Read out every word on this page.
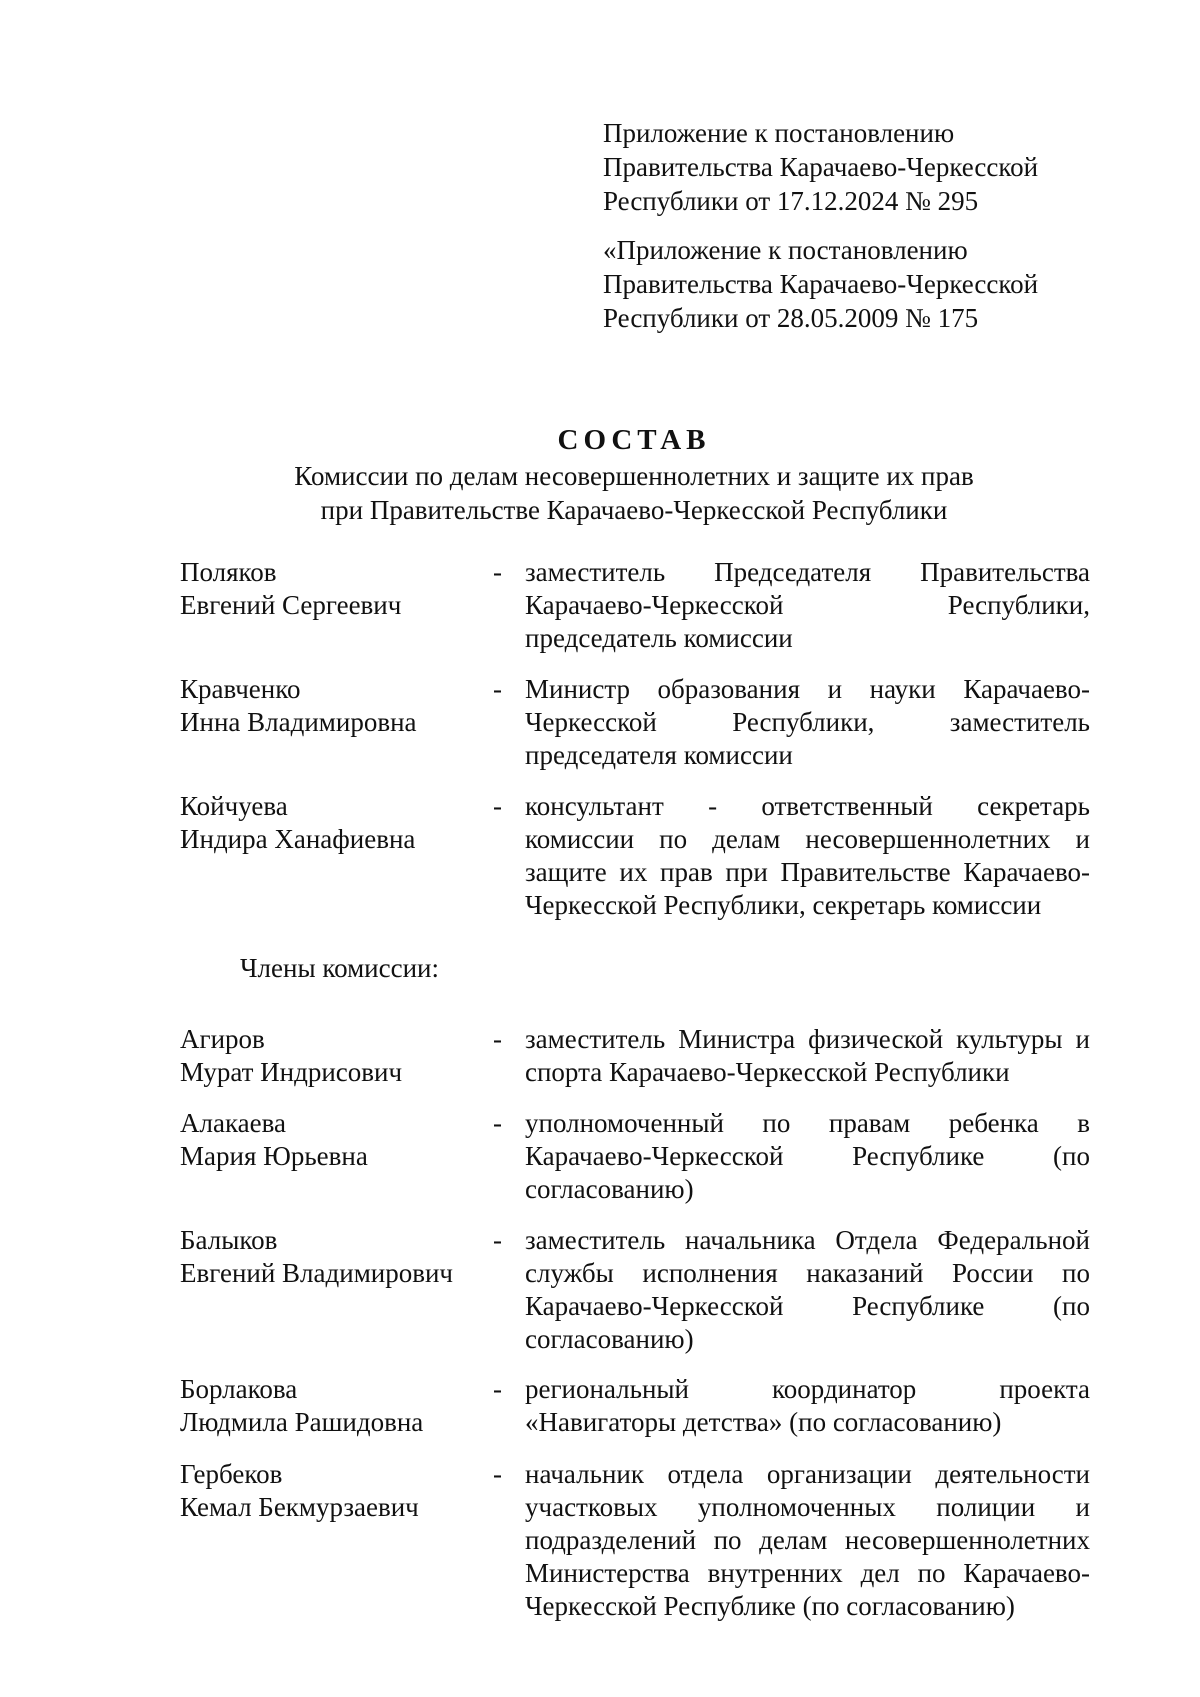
Приложение к постановлению
Правительства Карачаево-Черкесской
Республики от 17.12.2024 № 295
«Приложение к постановлению
Правительства Карачаево-Черкесской
Республики от 28.05.2009 № 175
СОСТАВ
Комиссии по делам несовершеннолетних и защите их прав
при Правительстве Карачаево-Черкесской Республики
Поляков
Евгений Сергеевич
- заместитель Председателя Правительства Карачаево-Черкесской Республики, председатель комиссии
Кравченко
Инна Владимировна
- Министр образования и науки Карачаево-Черкесской Республики, заместитель председателя комиссии
Койчуева
Индира Ханафиевна
- консультант - ответственный секретарь комиссии по делам несовершеннолетних и защите их прав при Правительстве Карачаево-Черкесской Республики, секретарь комиссии
Члены комиссии:
Агиров
Мурат Индрисович
- заместитель Министра физической культуры и спорта Карачаево-Черкесской Республики
Алакаева
Мария Юрьевна
- уполномоченный по правам ребенка в Карачаево-Черкесской Республике (по согласованию)
Балыков
Евгений Владимирович
- заместитель начальника Отдела Федеральной службы исполнения наказаний России по Карачаево-Черкесской Республике (по согласованию)
Борлакова
Людмила Рашидовна
- региональный координатор проекта «Навигаторы детства» (по согласованию)
Гербеков
Кемал Бекмурзаевич
- начальник отдела организации деятельности участковых уполномоченных полиции и подразделений по делам несовершеннолетних Министерства внутренних дел по Карачаево-Черкесской Республике (по согласованию)
